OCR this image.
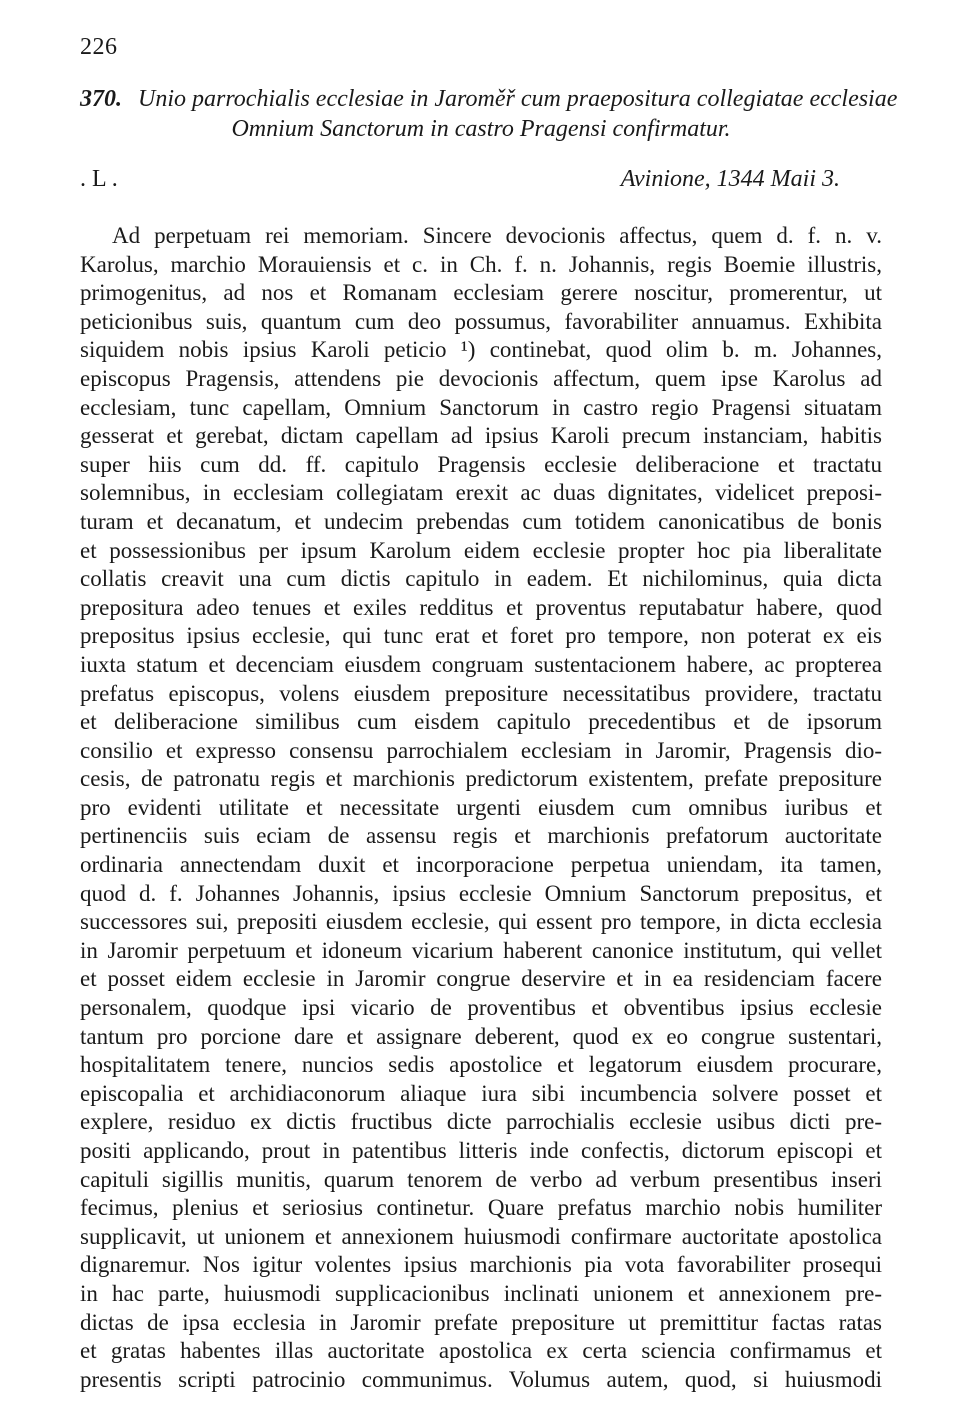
226
370. Unio parrochialis ecclesiae in Jaroměř cum praepositura collegiatae ecclesiae
Omnium Sanctorum in castro Pragensi confirmatur.
. L .	Avinione, 1344 Maii 3.
Ad perpetuam rei memoriam. Sincere devocionis affectus, quem d. f. n. v.
Karolus, marchio Morauiensis et c. in Ch. f. n. Johannis, regis Boemie illustris,
primogenitus, ad nos et Romanam ecclesiam gerere noscitur, promerentur, ut
peticionibus suis, quantum cum deo possumus, favorabiliter annuamus. Exhibita
siquidem nobis ipsius Karoli peticio ¹) continebat, quod olim b. m. Johannes,
episcopus Pragensis, attendens pie devocionis affectum, quem ipse Karolus ad
ecclesiam, tunc capellam, Omnium Sanctorum in castro regio Pragensi situatam
gesserat et gerebat, dictam capellam ad ipsius Karoli precum instanciam, habitis
super hiis cum dd. ff. capitulo Pragensis ecclesie deliberacione et tractatu
solemnibus, in ecclesiam collegiatam erexit ac duas dignitates, videlicet preposi-
turam et decanatum, et undecim prebendas cum totidem canonicatibus de bonis
et possessionibus per ipsum Karolum eidem ecclesie propter hoc pia liberalitate
collatis creavit una cum dictis capitulo in eadem. Et nichilominus, quia dicta
prepositura adeo tenues et exiles redditus et proventus reputabatur habere, quod
prepositus ipsius ecclesie, qui tunc erat et foret pro tempore, non poterat ex eis
iuxta statum et decenciam eiusdem congruam sustentacionem habere, ac propterea
prefatus episcopus, volens eiusdem prepositure necessitatibus providere, tractatu
et deliberacione similibus cum eisdem capitulo precedentibus et de ipsorum
consilio et expresso consensu parrochialem ecclesiam in Jaromir, Pragensis dio-
cesis, de patronatu regis et marchionis predictorum existentem, prefate prepositure
pro evidenti utilitate et necessitate urgenti eiusdem cum omnibus iuribus et
pertinenciis suis eciam de assensu regis et marchionis prefatorum auctoritate
ordinaria annectendam duxit et incorporacione perpetua uniendam, ita tamen,
quod d. f. Johannes Johannis, ipsius ecclesie Omnium Sanctorum prepositus, et
successores sui, prepositi eiusdem ecclesie, qui essent pro tempore, in dicta ecclesia
in Jaromir perpetuum et idoneum vicarium haberent canonice institutum, qui vellet
et posset eidem ecclesie in Jaromir congrue deservire et in ea residenciam facere
personalem, quodque ipsi vicario de proventibus et obventibus ipsius ecclesie
tantum pro porcione dare et assignare deberent, quod ex eo congrue sustentari,
hospitalitatem tenere, nuncios sedis apostolice et legatorum eiusdem procurare,
episcopalia et archidiaconorum aliaque iura sibi incumbencia solvere posset et
explere, residuo ex dictis fructibus dicte parrochialis ecclesie usibus dicti pre-
positi applicando, prout in patentibus litteris inde confectis, dictorum episcopi et
capituli sigillis munitis, quarum tenorem de verbo ad verbum presentibus inseri
fecimus, plenius et seriosius continetur. Quare prefatus marchio nobis humiliter
supplicavit, ut unionem et annexionem huiusmodi confirmare auctoritate apostolica
dignaremur. Nos igitur volentes ipsius marchionis pia vota favorabiliter prosequi
in hac parte, huiusmodi supplicacionibus inclinati unionem et annexionem pre-
dictas de ipsa ecclesia in Jaromir prefate prepositure ut premittitur factas ratas
et gratas habentes illas auctoritate apostolica ex certa sciencia confirmamus et
presentis scripti patrocinio communimus. Volumus autem, quod, si huiusmodi
